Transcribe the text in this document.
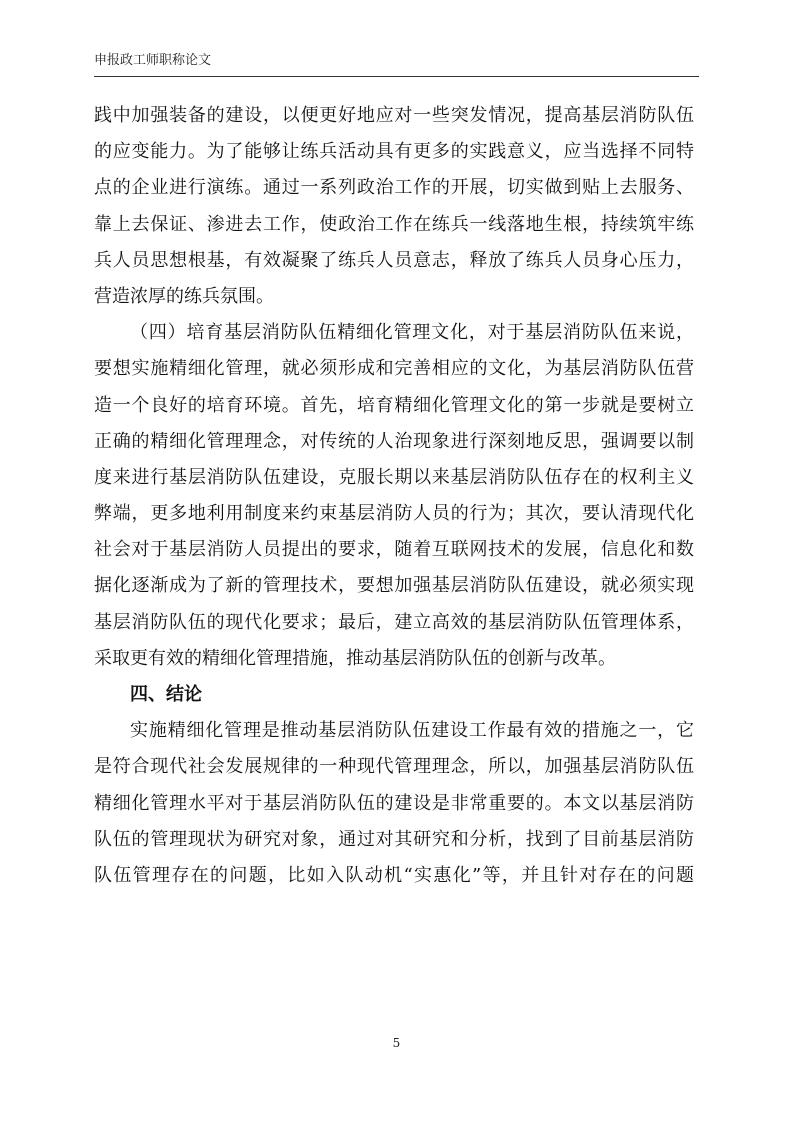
申报政工师职称论文
践中加强装备的建设，以便更好地应对一些突发情况，提高基层消防队伍
的应变能力。为了能够让练兵活动具有更多的实践意义，应当选择不同特
点的企业进行演练。通过一系列政治工作的开展，切实做到贴上去服务、
靠上去保证、渗进去工作，使政治工作在练兵一线落地生根，持续筑牢练
兵人员思想根基，有效凝聚了练兵人员意志，释放了练兵人员身心压力，
营造浓厚的练兵氛围。
（四）培育基层消防队伍精细化管理文化，对于基层消防队伍来说，
要想实施精细化管理，就必须形成和完善相应的文化，为基层消防队伍营
造一个良好的培育环境。首先，培育精细化管理文化的第一步就是要树立
正确的精细化管理理念，对传统的人治现象进行深刻地反思，强调要以制
度来进行基层消防队伍建设，克服长期以来基层消防队伍存在的权利主义
弊端，更多地利用制度来约束基层消防人员的行为；其次，要认清现代化
社会对于基层消防人员提出的要求，随着互联网技术的发展，信息化和数
据化逐渐成为了新的管理技术，要想加强基层消防队伍建设，就必须实现
基层消防队伍的现代化要求；最后，建立高效的基层消防队伍管理体系，
采取更有效的精细化管理措施，推动基层消防队伍的创新与改革。
四、结论
实施精细化管理是推动基层消防队伍建设工作最有效的措施之一，它
是符合现代社会发展规律的一种现代管理理念，所以，加强基层消防队伍
精细化管理水平对于基层消防队伍的建设是非常重要的。本文以基层消防
队伍的管理现状为研究对象，通过对其研究和分析，找到了目前基层消防
队伍管理存在的问题，比如入队动机“实惠化”等，并且针对存在的问题
5
